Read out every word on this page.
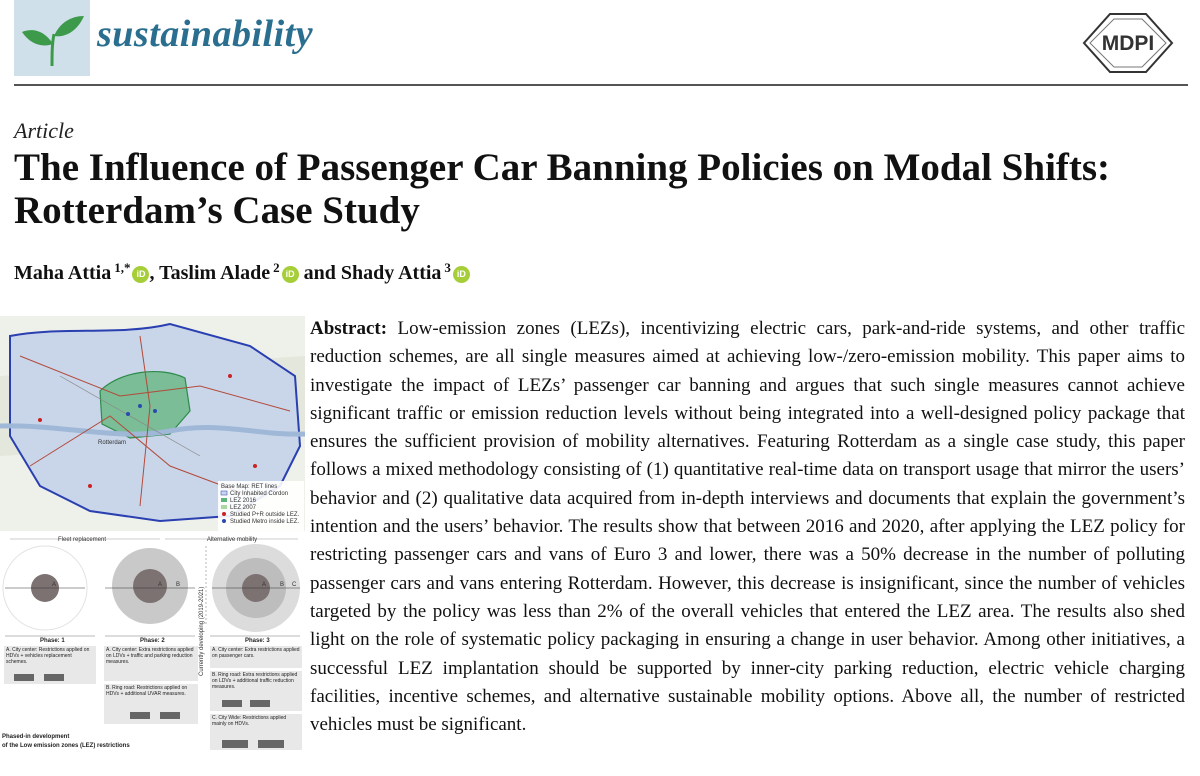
sustainability	MDPI
Article
The Influence of Passenger Car Banning Policies on Modal Shifts: Rotterdam’s Case Study
Maha Attia $^{1,*}$ iD , Taslim Alade $^2$ iD and Shady Attia $^3$ iD
Rotterdam
Base Map: RET lines
City Inhabited Cordon
LEZ 2016
LEZ 2007
Studied P+R outside LEZ.
Studied Metro inside LEZ.
Fleet replacement	Alternative mobility
A	A B
Currently developing (2019-2021)
A B C
Phase: 1	Phase: 2	Phase: 3
A. City center: Restrictions applied on HDVs + vehicles replacement schemes.
A. City center: Extra restrictions applied on LDVs + traffic and parking reduction measures.
B. Ring road: Restrictions applied on HDVs + additional UVAR measures.
A. City center: Extra restrictions applied on passenger cars.
B. Ring road: Extra restrictions applied on LDVs + additional traffic reduction measures.
C. City Wide: Restrictions applied mainly on HDVs.
Phased-in development
of the Low emission zones (LEZ) restrictions
Abstract: Low-emission zones (LEZs), incentivizing electric cars, park-and-ride systems, and other traffic reduction schemes, are all single measures aimed at achieving low-/zero-emission mobility. This paper aims to investigate the impact of LEZs’ passenger car banning and argues that such single measures cannot achieve significant traffic or emission reduction levels without being integrated into a well-designed policy package that ensures the sufficient provision of mobility alternatives. Featuring Rotterdam as a single case study, this paper follows a mixed methodology consisting of (1) quantitative real-time data on transport usage that mirror the users’ behavior and (2) qualitative data acquired from in-depth interviews and documents that explain the government’s intention and the users’ behavior. The results show that between 2016 and 2020, after applying the LEZ policy for restricting passenger cars and vans of Euro 3 and lower, there was a 50% decrease in the number of polluting passenger cars and vans entering Rotterdam. However, this decrease is insignificant, since the number of vehicles targeted by the policy was less than 2% of the overall vehicles that entered the LEZ area. The results also shed light on the role of systematic policy packaging in ensuring a change in user behavior. Among other initiatives, a successful LEZ implantation should be supported by inner-city parking reduction, electric vehicle charging facilities, incentive schemes, and alternative sustainable mobility options. Above all, the number of restricted vehicles must be significant.
